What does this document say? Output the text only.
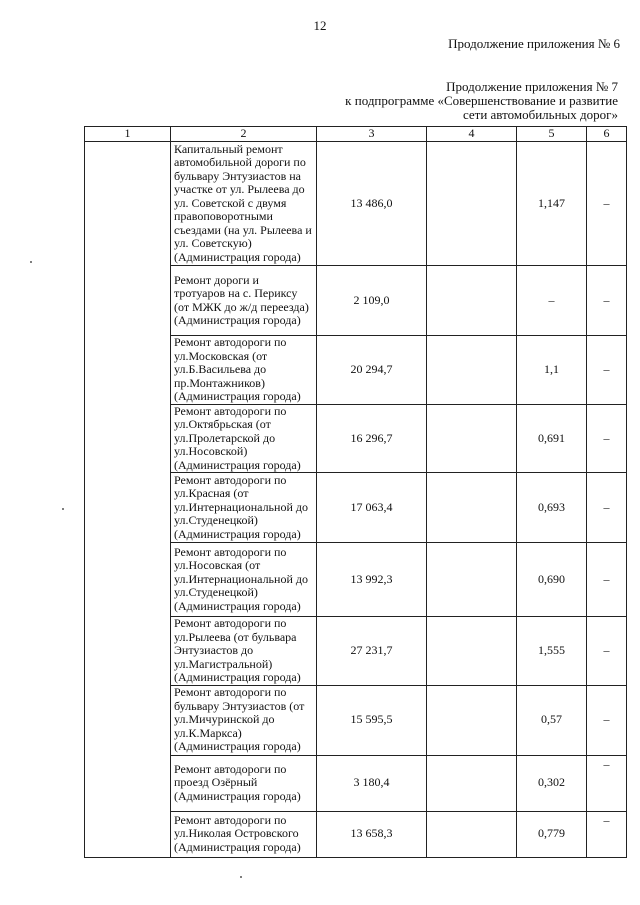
12
Продолжение приложения № 6
Продолжение приложения № 7
к подпрограмме «Совершенствование и развитие
сети автомобильных дорог»
1	2	3	4	5	6
	Капитальный ремонт автомобильной дороги по бульвару Энтузиастов на участке от ул. Рылеева до ул. Советской с двумя правоповоротными съездами (на ул. Рылеева и ул. Советскую) (Администрация города)	13 486,0		1,147	–
	Ремонт дороги и тротуаров на с. Периксу (от МЖК до ж/д переезда) (Администрация города)	2 109,0		–	–
	Ремонт автодороги по ул.Московская (от ул.Б.Васильева до пр.Монтажников) (Администрация города)	20 294,7		1,1	–
	Ремонт автодороги по ул.Октябрьская (от ул.Пролетарской до ул.Носовской) (Администрация города)	16 296,7		0,691	–
	Ремонт автодороги по ул.Красная (от ул.Интернациональной до ул.Студенецкой) (Администрация города)	17 063,4		0,693	–
	Ремонт автодороги по ул.Носовская (от ул.Интернациональной до ул.Студенецкой) (Администрация города)	13 992,3		0,690	–
	Ремонт автодороги по ул.Рылеева (от бульвара Энтузиастов до ул.Магистральной) (Администрация города)	27 231,7		1,555	–
	Ремонт автодороги по бульвару Энтузиастов (от ул.Мичуринской до ул.К.Маркса) (Администрация города)	15 595,5		0,57	–
	Ремонт автодороги по проезд Озёрный (Администрация города)	3 180,4		0,302	–
	Ремонт автодороги по ул.Николая Островского (Администрация города)	13 658,3		0,779	–
